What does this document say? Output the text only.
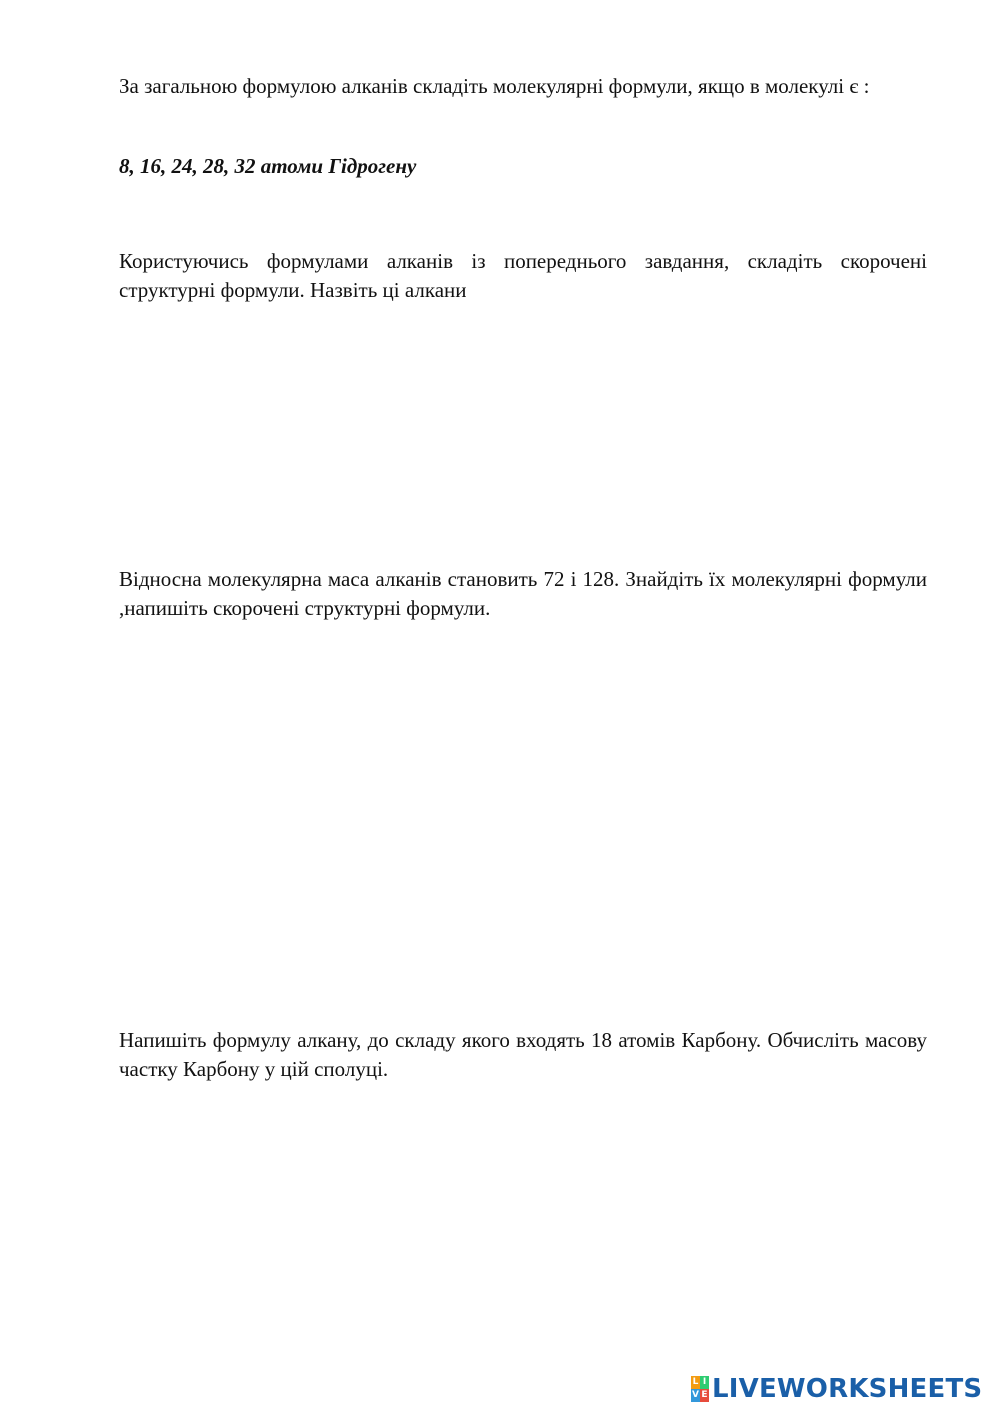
За загальною формулою алканів складіть молекулярні формули, якщо в молекулі є :

8, 16, 24, 28, 32 атоми Гідрогену

Користуючись формулами алканів із попереднього завдання, складіть скорочені структурні формули. Назвіть ці алкани

Відносна молекулярна маса алканів становить 72 і 128. Знайдіть їх молекулярні формули ,напишіть скорочені структурні формули.

Напишіть формулу алкану, до складу якого входять 18 атомів Карбону. Обчисліть масову частку Карбону у цій сполуці.

L I
V E LIVEWORKSHEETS
